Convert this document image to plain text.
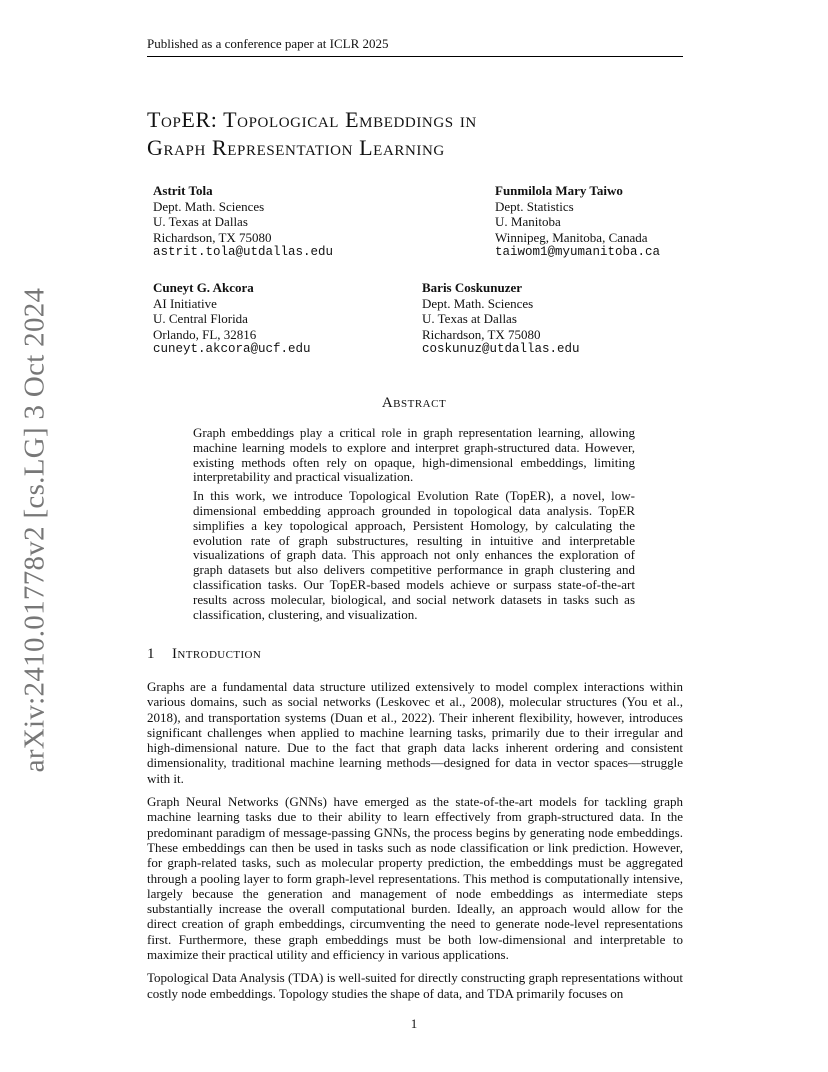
Published as a conference paper at ICLR 2025
arXiv:2410.01778v2 [cs.LG] 3 Oct 2024
TopER: Topological Embeddings in
Graph Representation Learning
Astrit Tola
Dept. Math. Sciences
U. Texas at Dallas
Richardson, TX 75080
astrit.tola@utdallas.edu
Funmilola Mary Taiwo
Dept. Statistics
U. Manitoba
Winnipeg, Manitoba, Canada
taiwom1@myumanitoba.ca
Cuneyt G. Akcora
AI Initiative
U. Central Florida
Orlando, FL, 32816
cuneyt.akcora@ucf.edu
Baris Coskunuzer
Dept. Math. Sciences
U. Texas at Dallas
Richardson, TX 75080
coskunuz@utdallas.edu
Abstract

Graph embeddings play a critical role in graph representation learning, allowing machine learning models to explore and interpret graph-structured data. However, existing methods often rely on opaque, high-dimensional embeddings, limiting interpretability and practical visualization.

In this work, we introduce Topological Evolution Rate (TopER), a novel, low-dimensional embedding approach grounded in topological data analysis. TopER simplifies a key topological approach, Persistent Homology, by calculating the evolution rate of graph substructures, resulting in intuitive and interpretable visualizations of graph data. This approach not only enhances the exploration of graph datasets but also delivers competitive performance in graph clustering and classification tasks. Our TopER-based models achieve or surpass state-of-the-art results across molecular, biological, and social network datasets in tasks such as classification, clustering, and visualization.

1 Introduction

Graphs are a fundamental data structure utilized extensively to model complex interactions within various domains, such as social networks (Leskovec et al., 2008), molecular structures (You et al., 2018), and transportation systems (Duan et al., 2022). Their inherent flexibility, however, introduces significant challenges when applied to machine learning tasks, primarily due to their irregular and high-dimensional nature. Due to the fact that graph data lacks inherent ordering and consistent dimensionality, traditional machine learning methods—designed for data in vector spaces—struggle with it.

Graph Neural Networks (GNNs) have emerged as the state-of-the-art models for tackling graph machine learning tasks due to their ability to learn effectively from graph-structured data. In the predominant paradigm of message-passing GNNs, the process begins by generating node embeddings. These embeddings can then be used in tasks such as node classification or link prediction. However, for graph-related tasks, such as molecular property prediction, the embeddings must be aggregated through a pooling layer to form graph-level representations. This method is computationally intensive, largely because the generation and management of node embeddings as intermediate steps substantially increase the overall computational burden. Ideally, an approach would allow for the direct creation of graph embeddings, circumventing the need to generate node-level representations first. Furthermore, these graph embeddings must be both low-dimensional and interpretable to maximize their practical utility and efficiency in various applications.

Topological Data Analysis (TDA) is well-suited for directly constructing graph representations without costly node embeddings. Topology studies the shape of data, and TDA primarily focuses on

1
